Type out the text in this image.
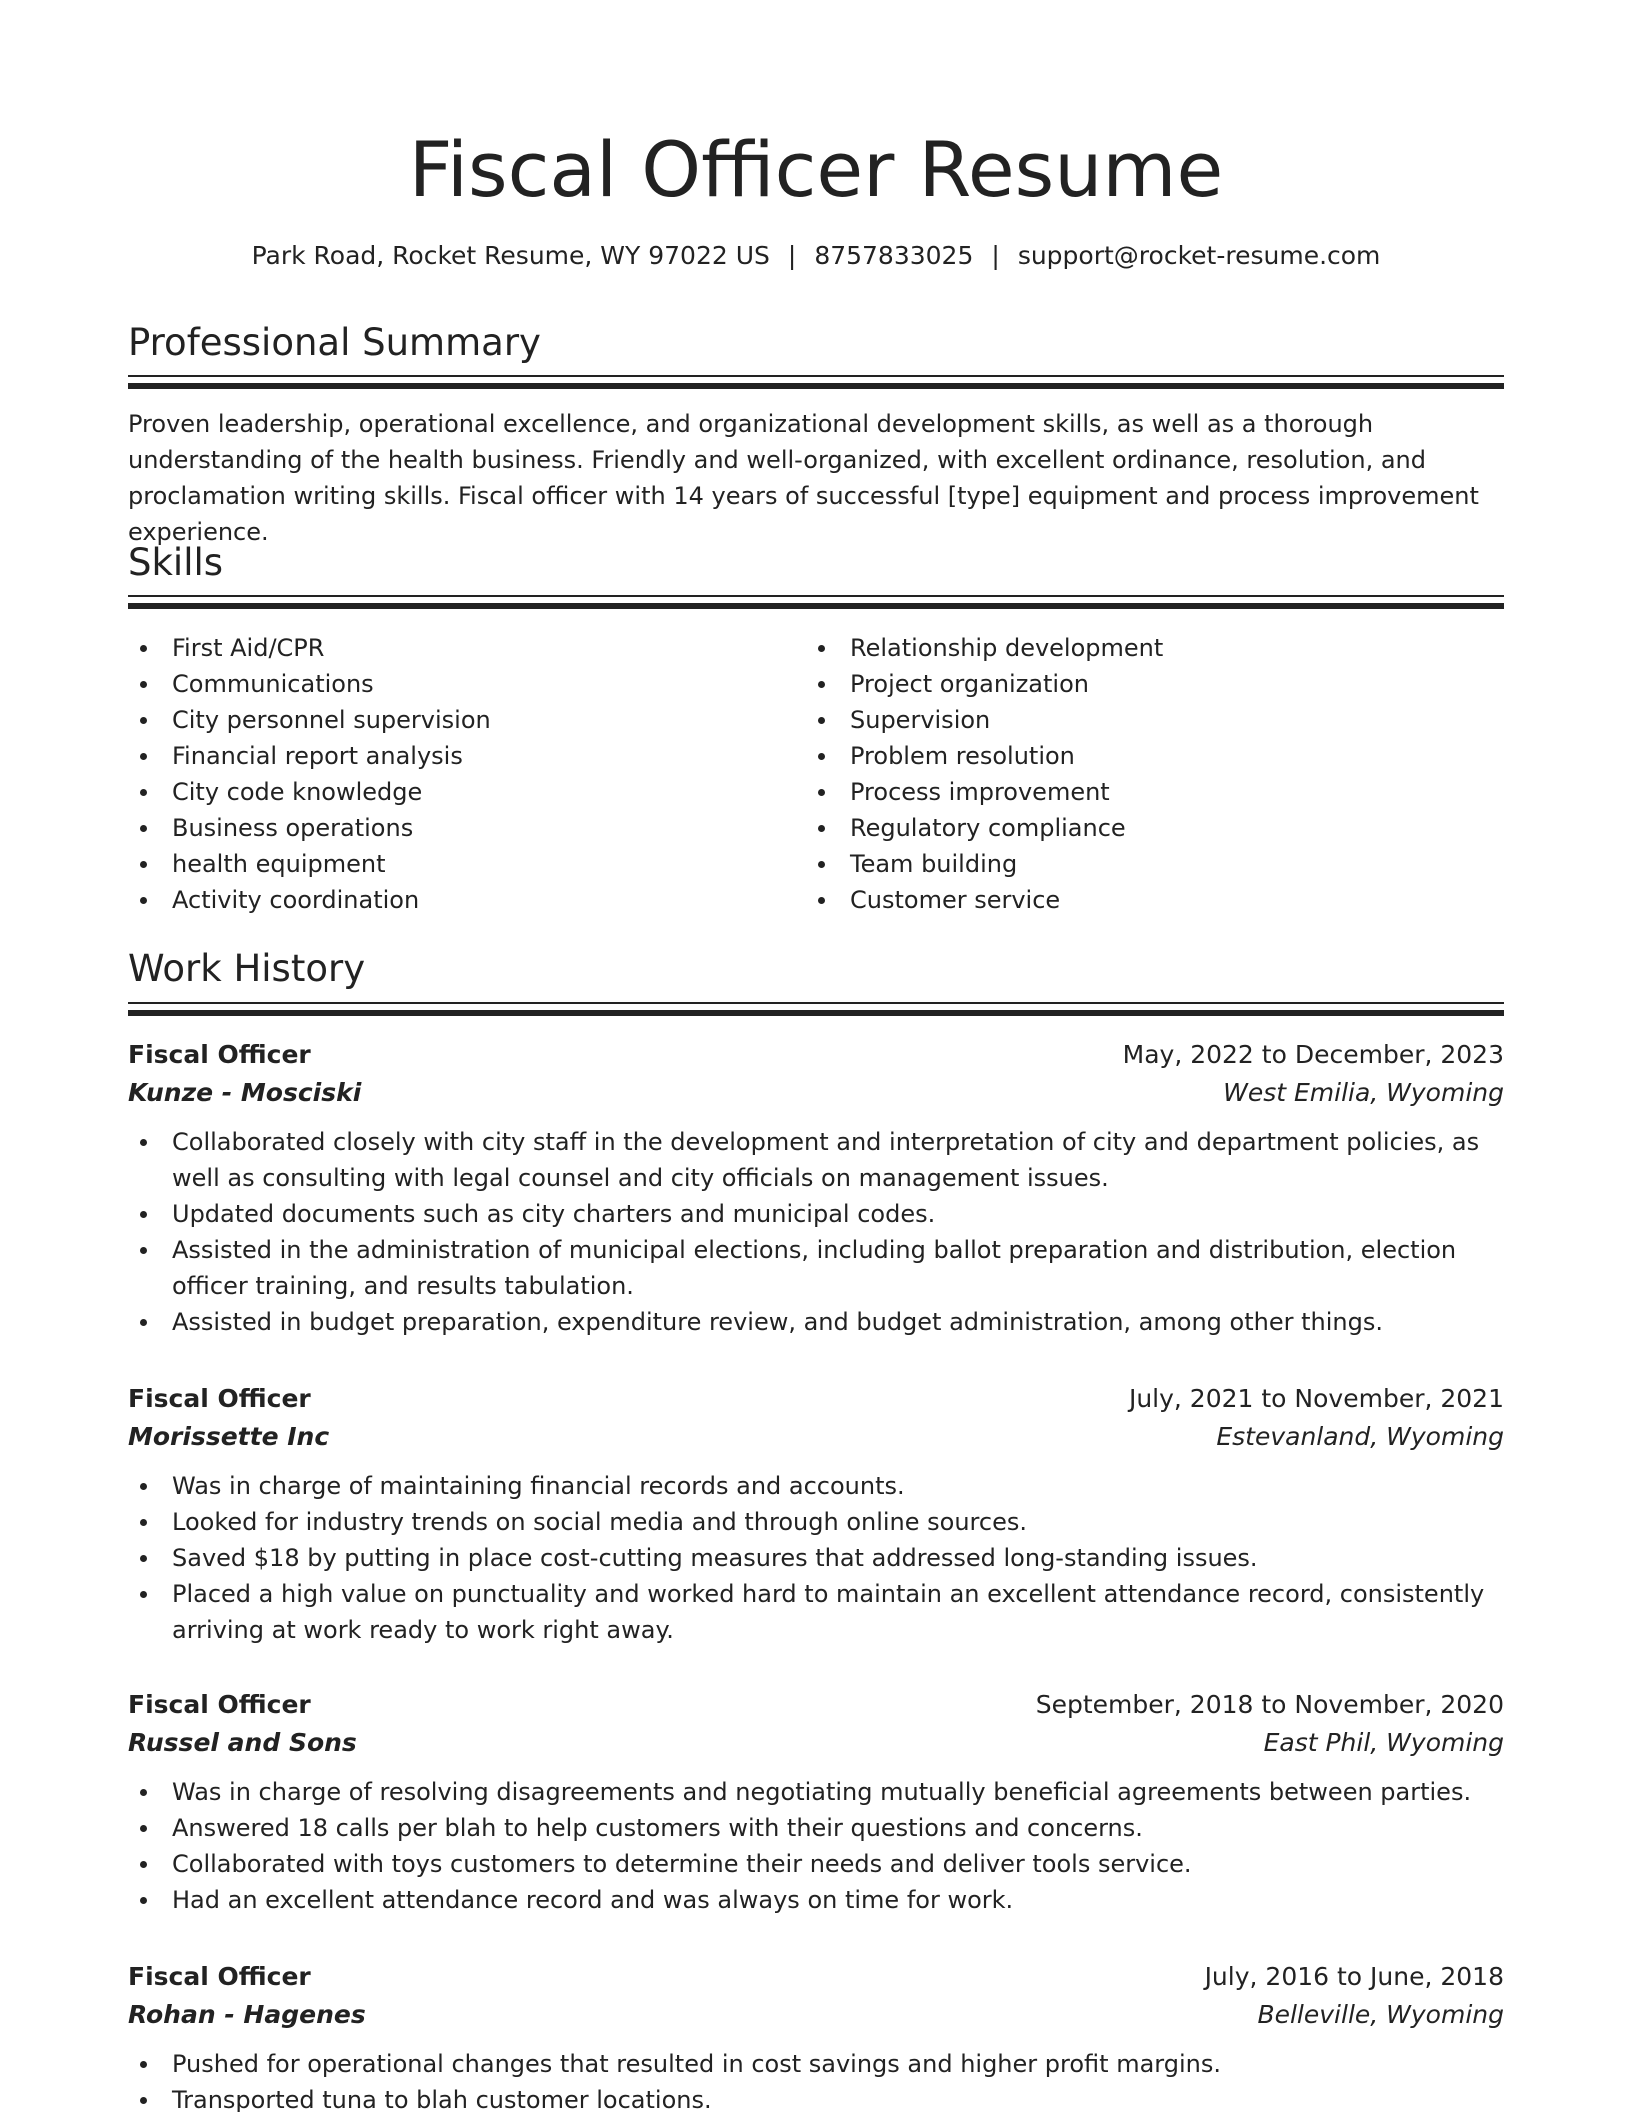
Fiscal Officer Resume
Park Road, Rocket Resume, WY 97022 US | 8757833025 | support@rocket-resume.com
Professional Summary

Proven leadership, operational excellence, and organizational development skills, as well as a thorough understanding of the health business. Friendly and well-organized, with excellent ordinance, resolution, and proclamation writing skills. Fiscal officer with 14 years of successful [type] equipment and process improvement experience.

Skills
First Aid/CPR
Communications
City personnel supervision
Financial report analysis
City code knowledge
Business operations
health equipment
Activity coordination
Relationship development
Project organization
Supervision
Problem resolution
Process improvement
Regulatory compliance
Team building
Customer service
Work History
Fiscal Officer	May, 2022 to December, 2023
Kunze - Mosciski	West Emilia, Wyoming
Collaborated closely with city staff in the development and interpretation of city and department policies, as well as consulting with legal counsel and city officials on management issues.
Updated documents such as city charters and municipal codes.
Assisted in the administration of municipal elections, including ballot preparation and distribution, election officer training, and results tabulation.
Assisted in budget preparation, expenditure review, and budget administration, among other things.
Fiscal Officer	July, 2021 to November, 2021
Morissette Inc	Estevanland, Wyoming
Was in charge of maintaining financial records and accounts.
Looked for industry trends on social media and through online sources.
Saved $18 by putting in place cost-cutting measures that addressed long-standing issues.
Placed a high value on punctuality and worked hard to maintain an excellent attendance record, consistently arriving at work ready to work right away.
Fiscal Officer	September, 2018 to November, 2020
Russel and Sons	East Phil, Wyoming
Was in charge of resolving disagreements and negotiating mutually beneficial agreements between parties.
Answered 18 calls per blah to help customers with their questions and concerns.
Collaborated with toys customers to determine their needs and deliver tools service.
Had an excellent attendance record and was always on time for work.
Fiscal Officer	July, 2016 to June, 2018
Rohan - Hagenes	Belleville, Wyoming
Pushed for operational changes that resulted in cost savings and higher profit margins.
Transported tuna to blah customer locations.
